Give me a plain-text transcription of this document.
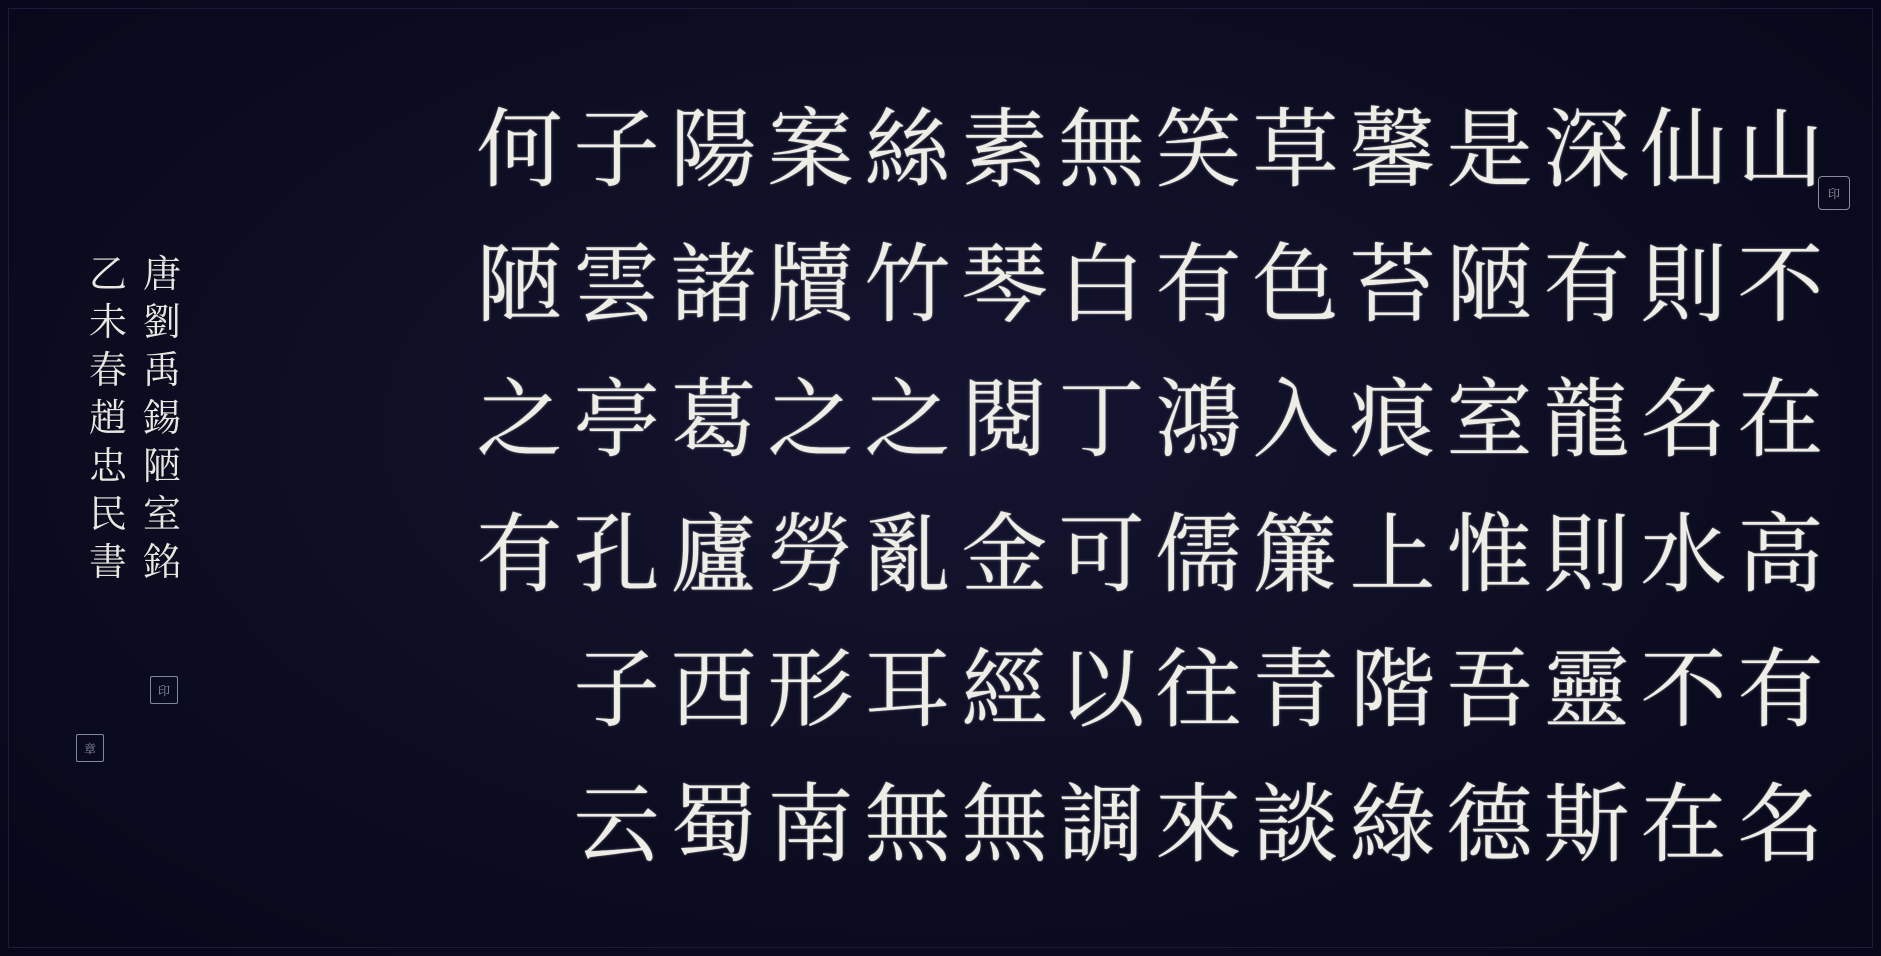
印
山
不
在
高
有
名
仙
則
名
水
不
在
深
有
龍
則
靈
斯
是
陋
室
惟
吾
德
馨
苔
痕
上
階
綠
草
色
入
簾
青
談
笑
有
鴻
儒
往
來
無
白
丁
可
以
調
素
琴
閱
金
經
無
絲
竹
之
亂
耳
無
案
牘
之
勞
形
南
陽
諸
葛
廬
西
蜀
子
雲
亭
孔
子
云
何
陋
之
有
唐
劉
禹
錫
陋
室
銘
乙
未
春
趙
忠
民
書
印
章
